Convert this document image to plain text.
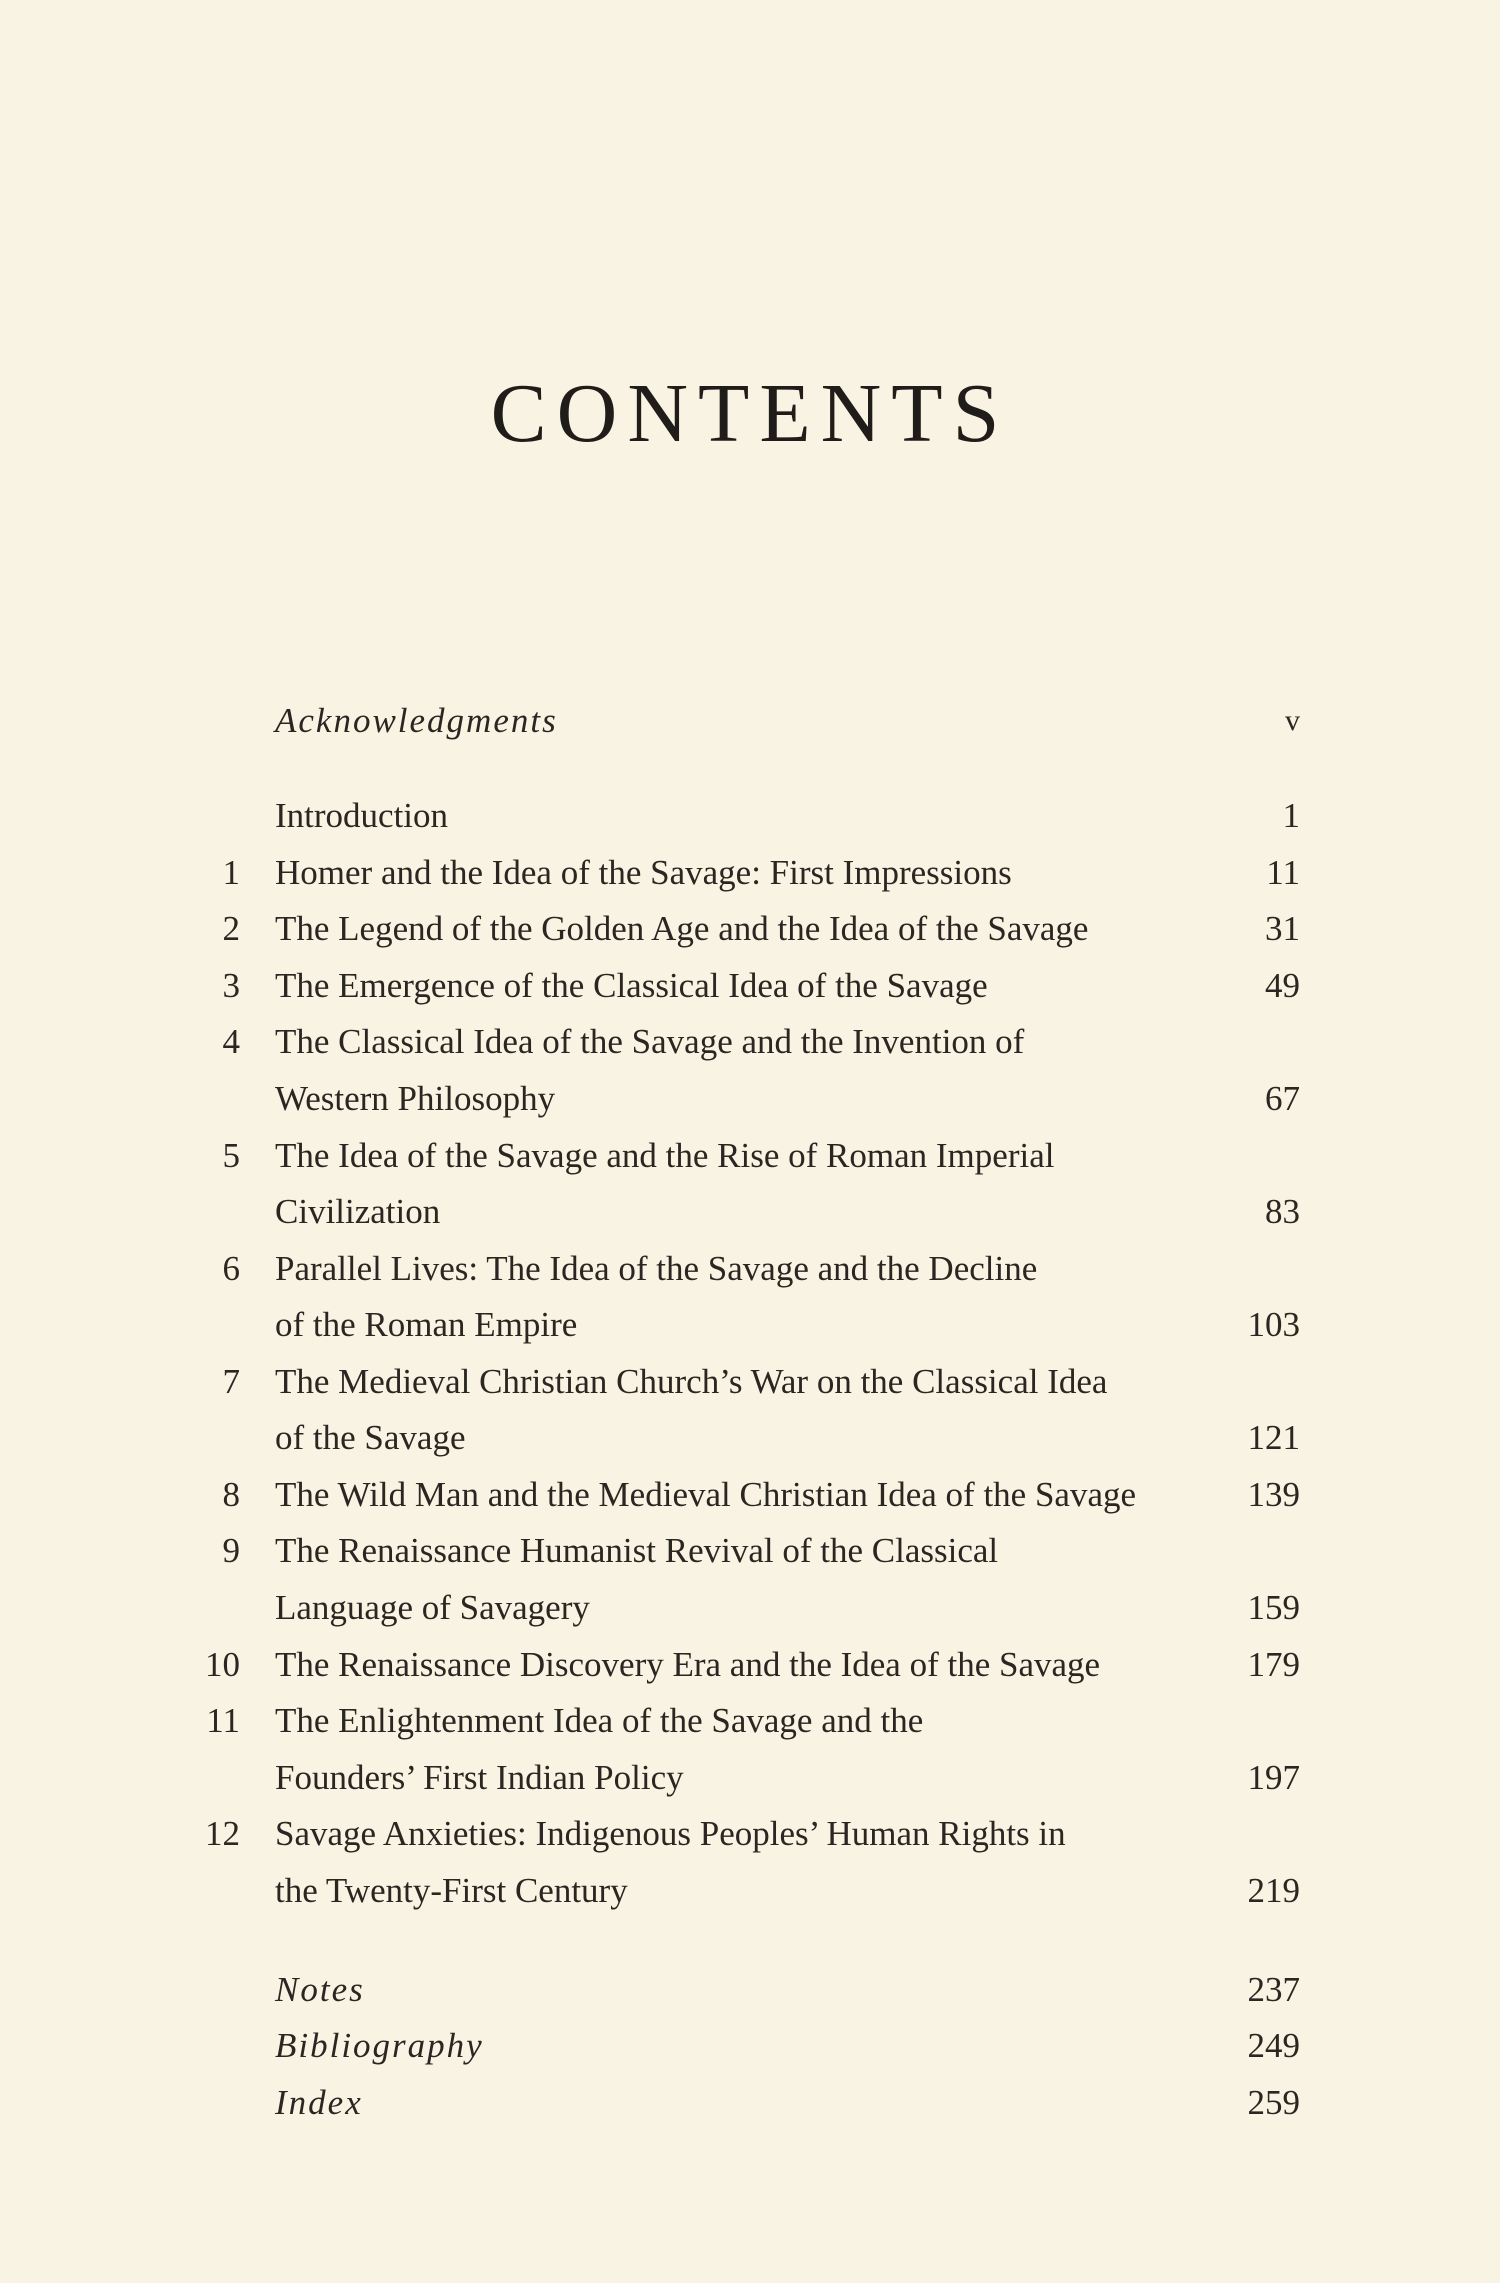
CONTENTS
Acknowledgments	v
Introduction	1
1 Homer and the Idea of the Savage: First Impressions	11
2 The Legend of the Golden Age and the Idea of the Savage	31
3 The Emergence of the Classical Idea of the Savage	49
4 The Classical Idea of the Savage and the Invention of
Western Philosophy	67
5 The Idea of the Savage and the Rise of Roman Imperial
Civilization	83
6 Parallel Lives: The Idea of the Savage and the Decline
of the Roman Empire	103
7 The Medieval Christian Church’s War on the Classical Idea
of the Savage	121
8 The Wild Man and the Medieval Christian Idea of the Savage	139
9 The Renaissance Humanist Revival of the Classical
Language of Savagery	159
10 The Renaissance Discovery Era and the Idea of the Savage	179
11 The Enlightenment Idea of the Savage and the
Founders’ First Indian Policy	197
12 Savage Anxieties: Indigenous Peoples’ Human Rights in
the Twenty-First Century	219
Notes	237
Bibliography	249
Index	259
